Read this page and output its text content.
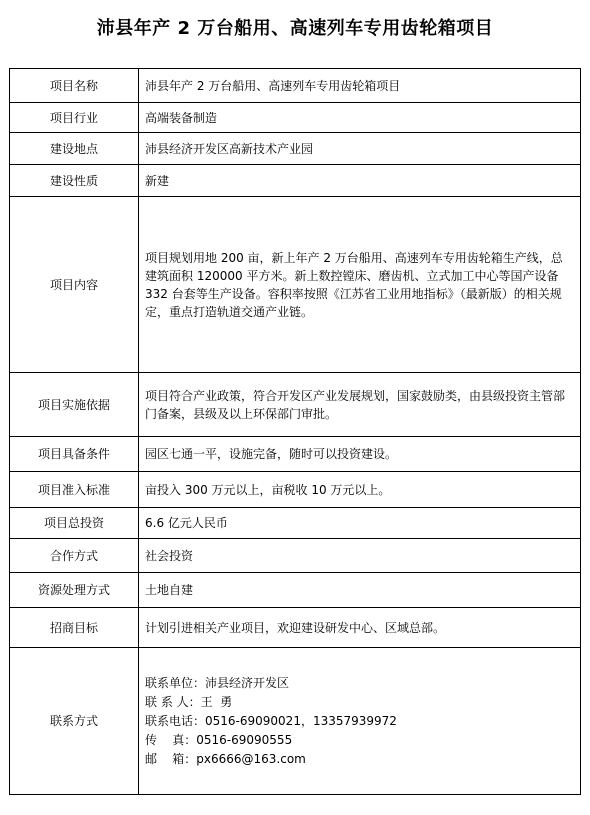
沛县年产 2 万台船用、高速列车专用齿轮箱项目
项目名称	沛县年产 2 万台船用、高速列车专用齿轮箱项目
项目行业	高端装备制造
建设地点	沛县经济开发区高新技术产业园
建设性质	新建
项目内容	项目规划用地 200 亩，新上年产 2 万台船用、高速列车专用齿轮箱生产线，总建筑面积 120000 平方米。新上数控镗床、磨齿机、立式加工中心等国产设备 332 台套等生产设备。容积率按照《江苏省工业用地指标》（最新版）的相关规定，重点打造轨道交通产业链。
项目实施依据	项目符合产业政策，符合开发区产业发展规划，国家鼓励类，由县级投资主管部门备案，县级及以上环保部门审批。
项目具备条件	园区七通一平，设施完备，随时可以投资建设。
项目准入标准	亩投入 300 万元以上，亩税收 10 万元以上。
项目总投资	6.6 亿元人民币
合作方式	社会投资
资源处理方式	土地自建
招商目标	计划引进相关产业项目，欢迎建设研发中心、区域总部。
联系方式	联系单位：沛县经济开发区
联 系 人：王  勇
联系电话：0516-69090021，13357939972
传    真：0516-69090555
邮    箱：px6666@163.com
